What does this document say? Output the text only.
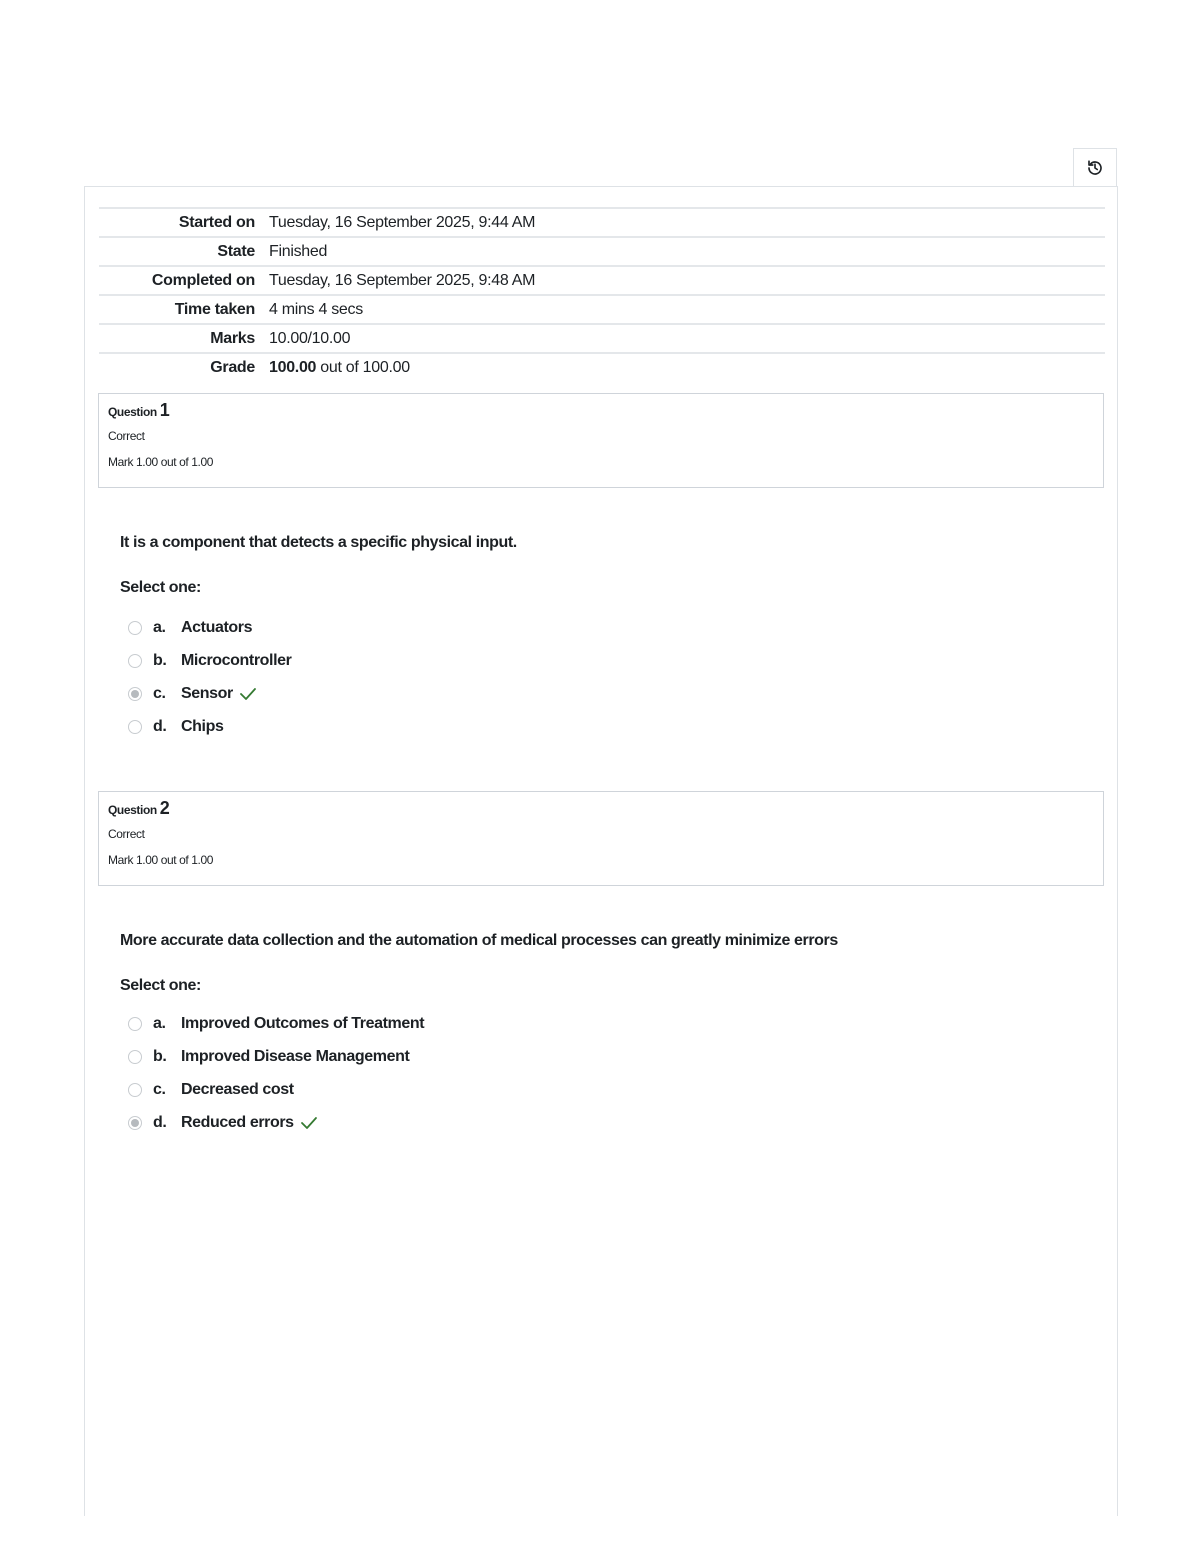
Started on	Tuesday, 16 September 2025, 9:44 AM
State	Finished
Completed on	Tuesday, 16 September 2025, 9:48 AM
Time taken	4 mins 4 secs
Marks	10.00/10.00
Grade	100.00 out of 100.00
Question 1
Correct
Mark 1.00 out of 1.00
It is a component that detects a specific physical input.
Select one:
a. Actuators
b. Microcontroller
c. Sensor
d. Chips
Question 2
Correct
Mark 1.00 out of 1.00
More accurate data collection and the automation of medical processes can greatly minimize errors
Select one:
a. Improved Outcomes of Treatment
b. Improved Disease Management
c. Decreased cost
d. Reduced errors
